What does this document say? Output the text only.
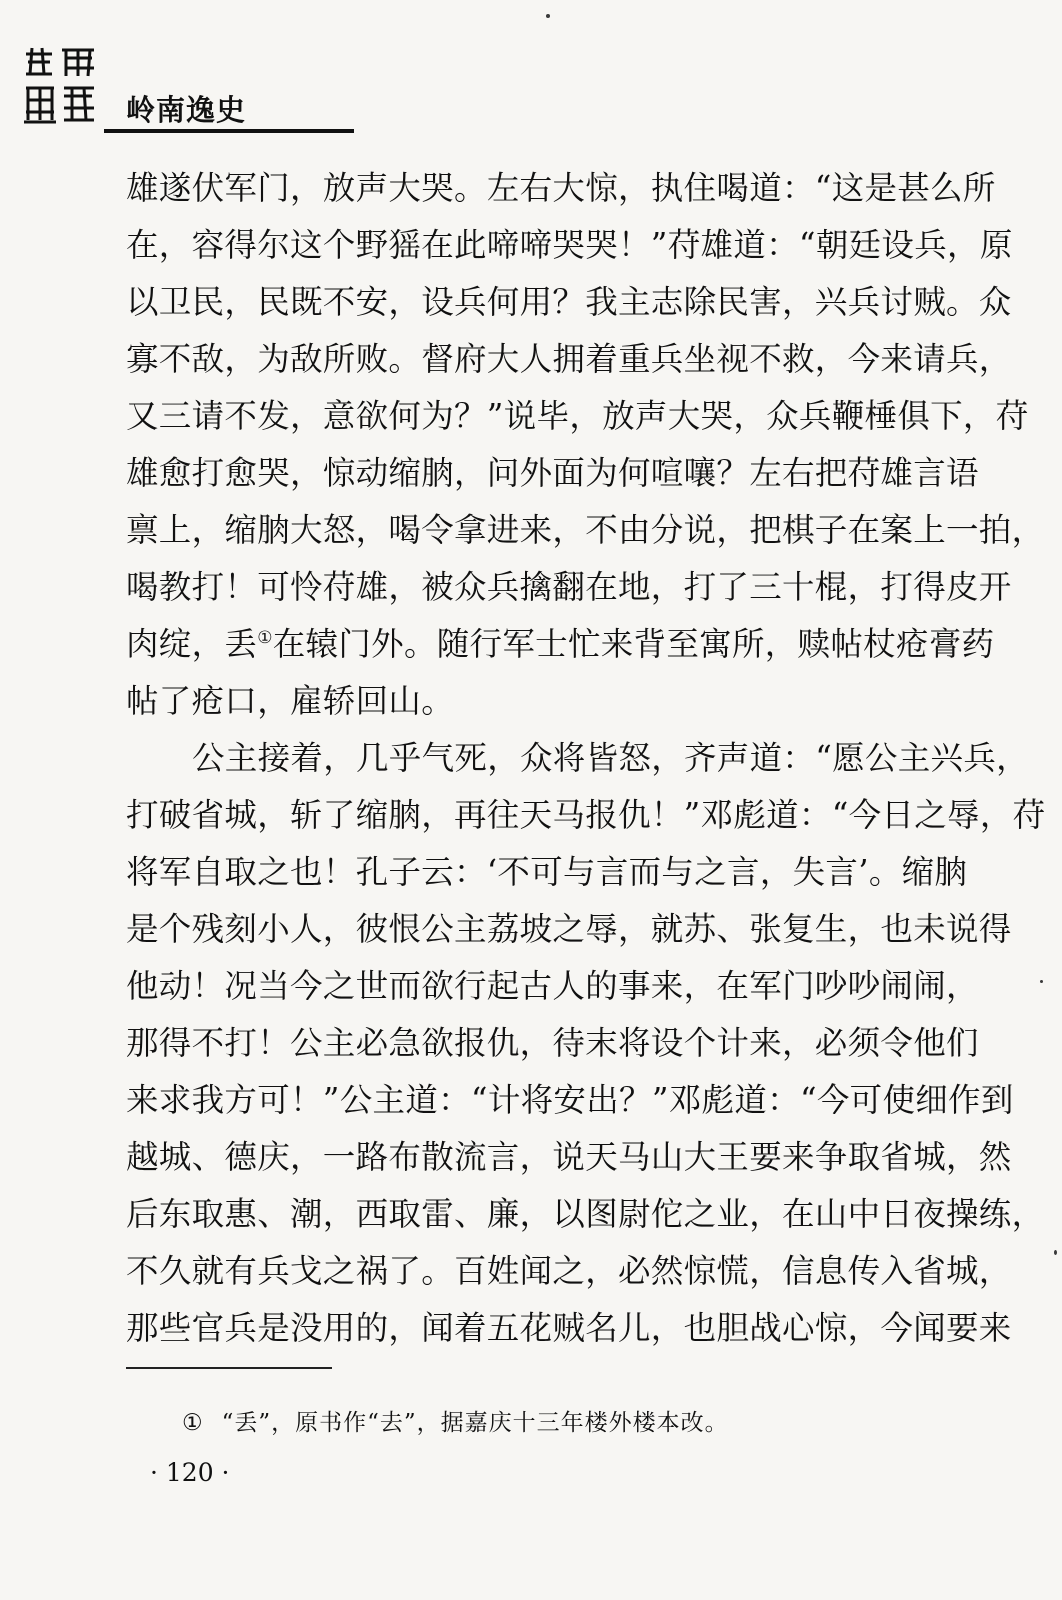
岭南逸史
雄遂伏军门，放声大哭。左右大惊，执住喝道：“这是甚么所
在，容得尔这个野猺在此啼啼哭哭！”苻雄道：“朝廷设兵，原
以卫民，民既不安，设兵何用？我主志除民害，兴兵讨贼。众
寡不敌，为敌所败。督府大人拥着重兵坐视不救，今来请兵，
又三请不发，意欲何为？”说毕，放声大哭，众兵鞭棰俱下，苻
雄愈打愈哭，惊动缩朒，问外面为何喧嚷？左右把苻雄言语
禀上，缩朒大怒，喝令拿进来，不由分说，把棋子在案上一拍，
喝教打！可怜苻雄，被众兵擒翻在地，打了三十棍，打得皮开
肉绽，丢①在辕门外。随行军士忙来背至寓所，赎帖杖疮膏药
帖了疮口，雇轿回山。
公主接着，几乎气死，众将皆怒，齐声道：“愿公主兴兵，
打破省城，斩了缩朒，再往天马报仇！”邓彪道：“今日之辱，苻
将军自取之也！孔子云：‘不可与言而与之言，失言’。缩朒
是个残刻小人，彼恨公主荔坡之辱，就苏、张复生，也未说得
他动！况当今之世而欲行起古人的事来，在军门吵吵闹闹，
那得不打！公主必急欲报仇，待末将设个计来，必须令他们
来求我方可！”公主道：“计将安出？”邓彪道：“今可使细作到
越城、德庆，一路布散流言，说天马山大王要来争取省城，然
后东取惠、潮，西取雷、廉，以图尉佗之业，在山中日夜操练，
不久就有兵戈之祸了。百姓闻之，必然惊慌，信息传入省城，
那些官兵是没用的，闻着五花贼名儿，也胆战心惊，今闻要来
① “丢”，原书作“去”，据嘉庆十三年楼外楼本改。
· 120 ·
